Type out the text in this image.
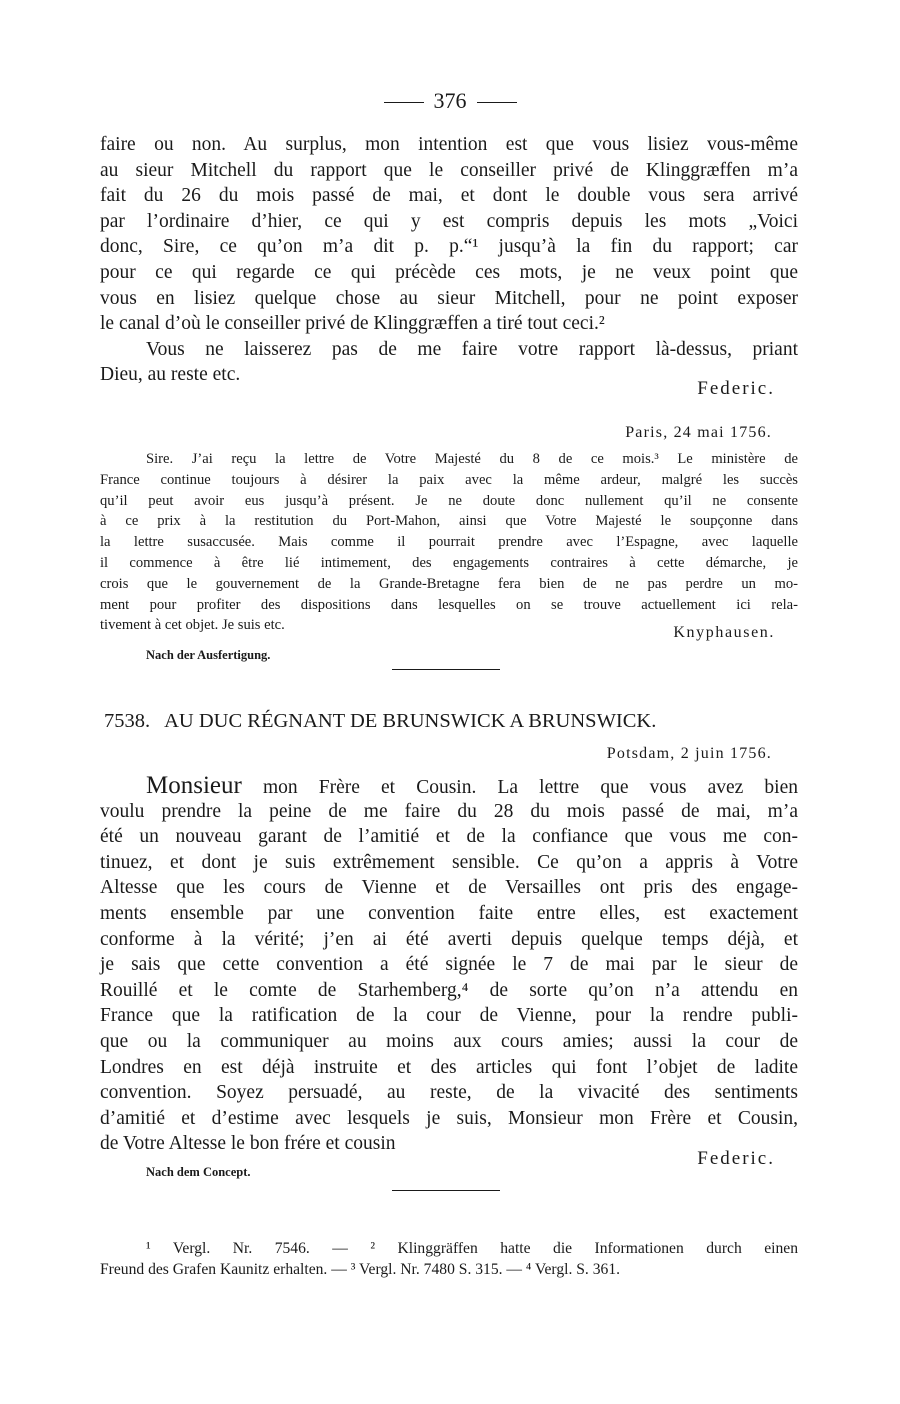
376
faire ou non. Au surplus, mon intention est que vous lisiez vous-même
au sieur Mitchell du rapport que le conseiller privé de Klinggræffen m’a
fait du 26 du mois passé de mai, et dont le double vous sera arrivé
par l’ordinaire d’hier, ce qui y est compris depuis les mots „Voici
donc, Sire, ce qu’on m’a dit p. p.“¹ jusqu’à la fin du rapport; car
pour ce qui regarde ce qui précède ces mots, je ne veux point que
vous en lisiez quelque chose au sieur Mitchell, pour ne point exposer
le canal d’où le conseiller privé de Klinggræffen a tiré tout ceci.²
Vous ne laisserez pas de me faire votre rapport là-dessus, priant
Dieu, au reste etc.
Federic.
Paris, 24 mai 1756.
Sire. J’ai reçu la lettre de Votre Majesté du 8 de ce mois.³ Le ministère de
France continue toujours à désirer la paix avec la même ardeur, malgré les succès
qu’il peut avoir eus jusqu’à présent. Je ne doute donc nullement qu’il ne consente
à ce prix à la restitution du Port-Mahon, ainsi que Votre Majesté le soupçonne dans
la lettre susaccusée. Mais comme il pourrait prendre avec l’Espagne, avec laquelle
il commence à être lié intimement, des engagements contraires à cette démarche, je
crois que le gouvernement de la Grande-Bretagne fera bien de ne pas perdre un mo-
ment pour profiter des dispositions dans lesquelles on se trouve actuellement ici rela-
tivement à cet objet. Je suis etc.	Knyphausen.
Nach der Ausfertigung.
7538. AU DUC RÉGNANT DE BRUNSWICK A BRUNSWICK.
Potsdam, 2 juin 1756.
Monsieur mon Frère et Cousin. La lettre que vous avez bien
voulu prendre la peine de me faire du 28 du mois passé de mai, m’a
été un nouveau garant de l’amitié et de la confiance que vous me con-
tinuez, et dont je suis extrêmement sensible. Ce qu’on a appris à Votre
Altesse que les cours de Vienne et de Versailles ont pris des engage-
ments ensemble par une convention faite entre elles, est exactement
conforme à la vérité; j’en ai été averti depuis quelque temps déjà, et
je sais que cette convention a été signée le 7 de mai par le sieur de
Rouillé et le comte de Starhemberg,⁴ de sorte qu’on n’a attendu en
France que la ratification de la cour de Vienne, pour la rendre publi-
que ou la communiquer au moins aux cours amies; aussi la cour de
Londres en est déjà instruite et des articles qui font l’objet de ladite
convention. Soyez persuadé, au reste, de la vivacité des sentiments
d’amitié et d’estime avec lesquels je suis, Monsieur mon Frère et Cousin,
de Votre Altesse le bon frére et cousin
Federic.
Nach dem Concept.
¹ Vergl. Nr. 7546. — ² Klinggräffen hatte die Informationen durch einen
Freund des Grafen Kaunitz erhalten. — ³ Vergl. Nr. 7480 S. 315. — ⁴ Vergl. S. 361.
